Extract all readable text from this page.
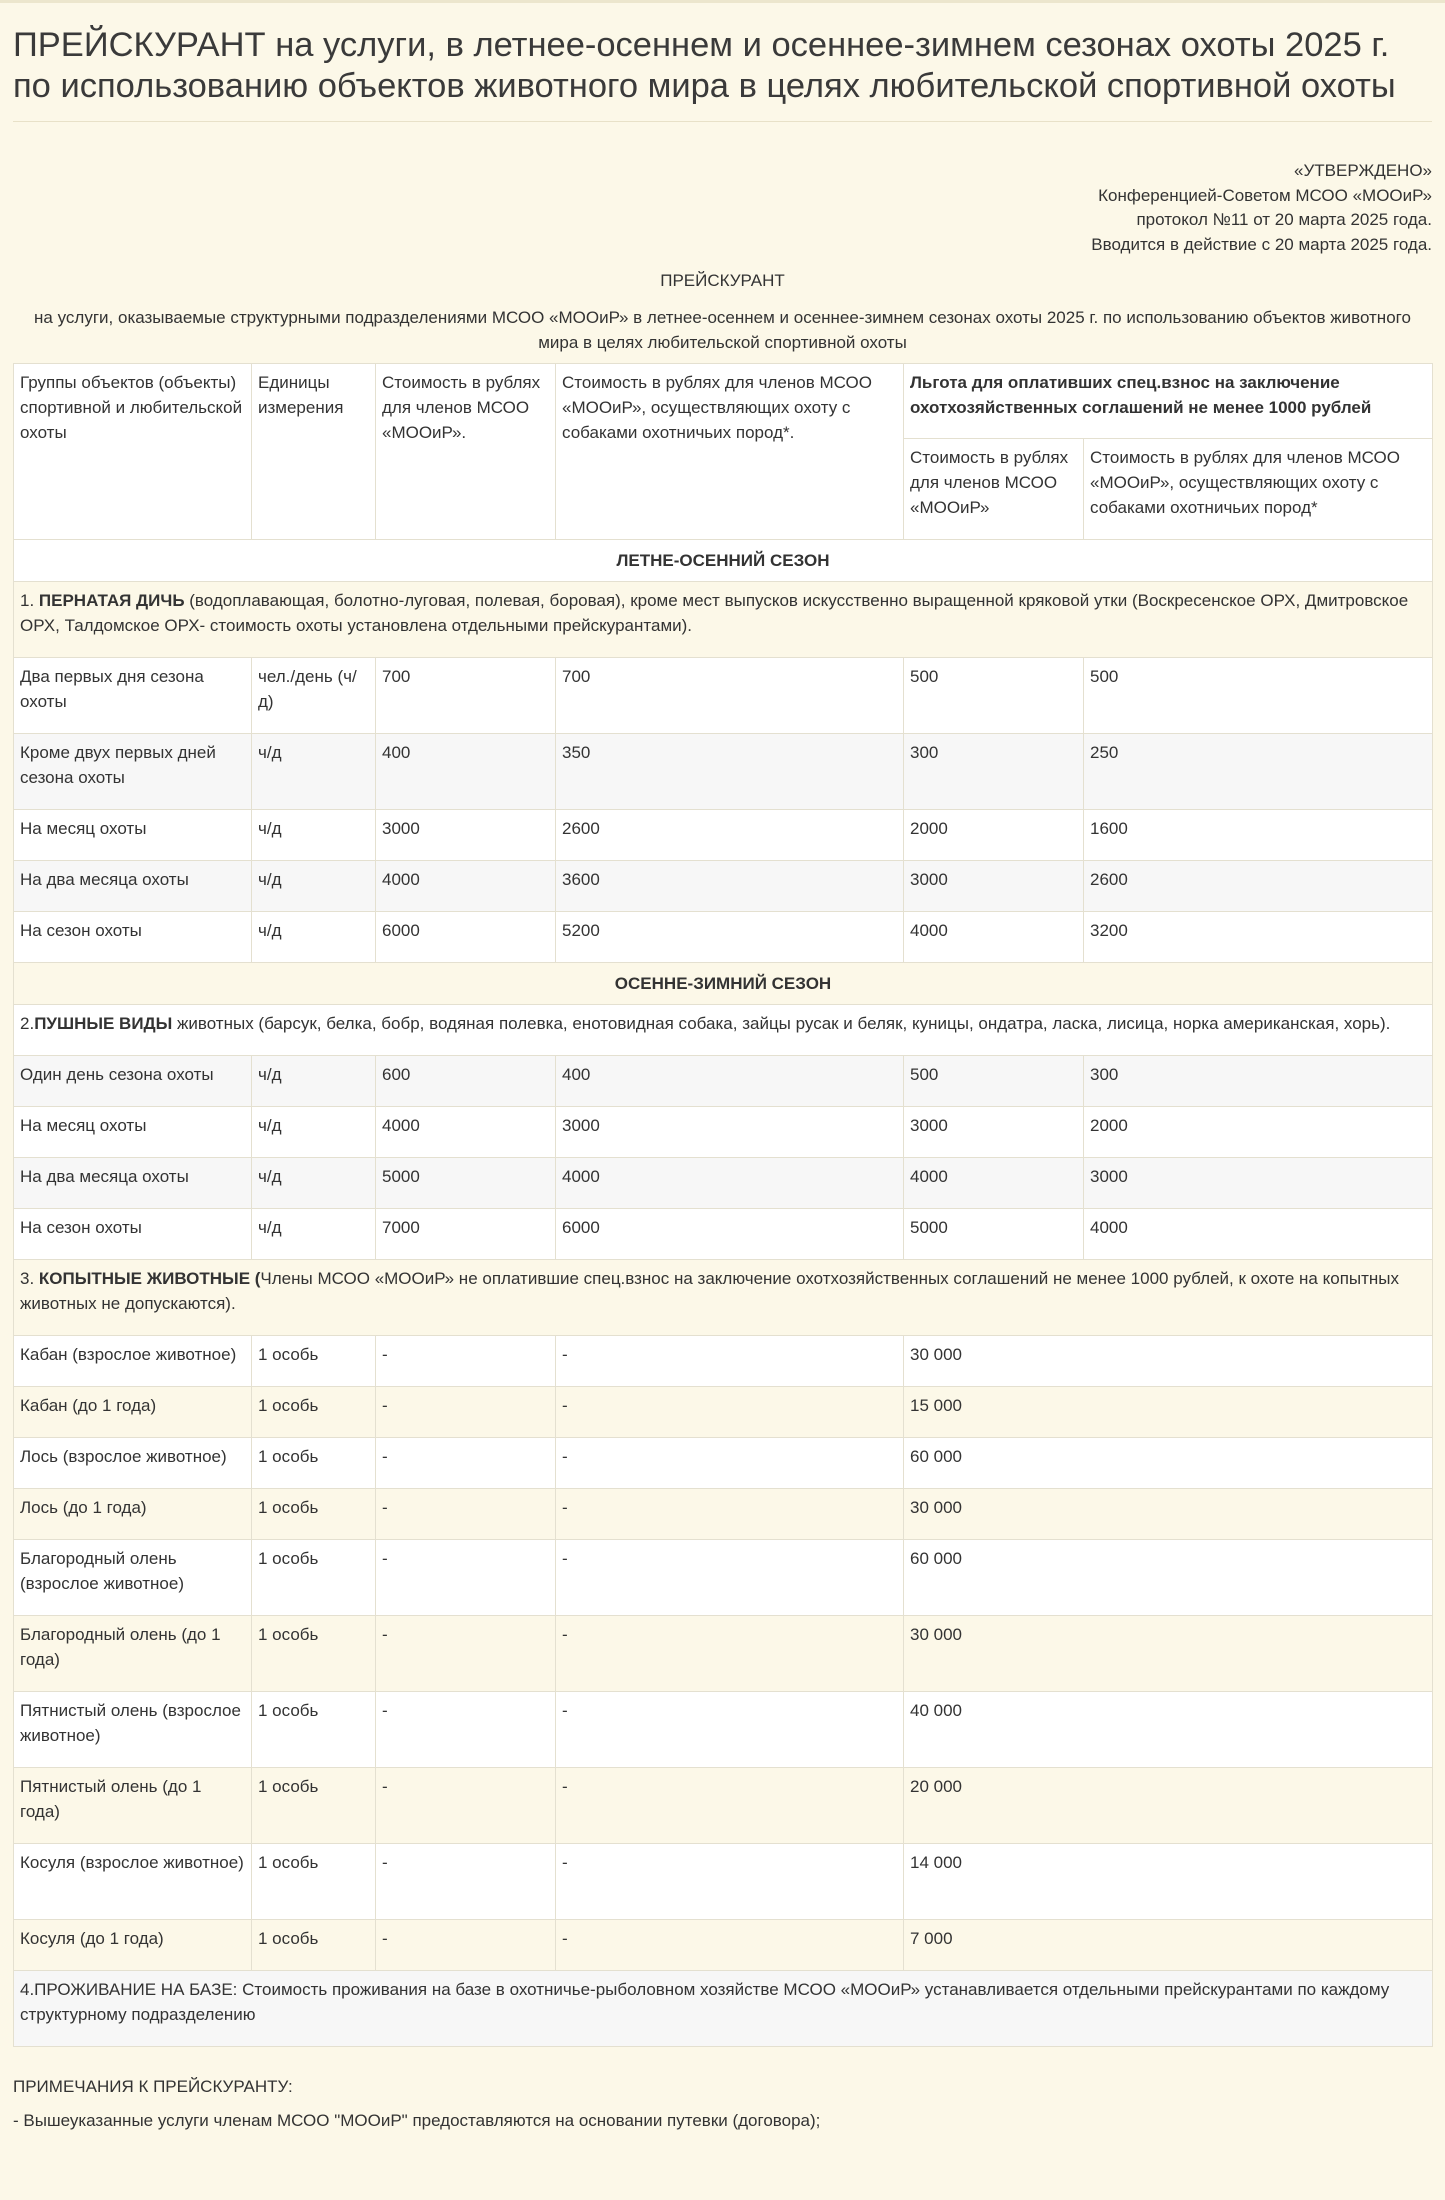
ПРЕЙСКУРАНТ на услуги, в летнее-осеннем и осеннее-зимнем сезонах охоты 2025 г. по использованию объектов животного мира в целях любительской спортивной охоты
«УТВЕРЖДЕНО»
Конференцией-Советом МСОО «МООиР»
протокол №11 от 20 марта 2025 года.
Вводится в действие с 20 марта 2025 года.
ПРЕЙСКУРАНТ
на услуги, оказываемые структурными подразделениями МСОО «МООиР» в летнее-осеннем и осеннее-зимнем сезонах охоты 2025 г. по использованию объектов животного мира в целях любительской спортивной охоты
Группы объектов (объекты) спортивной и любительской охоты	Единицы измерения	Стоимость в рублях для членов МСОО «МООиР».	Стоимость в рублях для членов МСОО «МООиР», осуществляющих охоту с собаками охотничьих пород*.	Льгота для оплативших спец.взнос на заключение охотхозяйственных соглашений не менее 1000 рублей	
				Стоимость в рублях для членов МСОО «МООиР»	Стоимость в рублях для членов МСОО «МООиР», осуществляющих охоту с собаками охотничьих пород*
ЛЕТНЕ-ОСЕННИЙ СЕЗОН					
1. ПЕРНАТАЯ ДИЧЬ (водоплавающая, болотно-луговая, полевая, боровая), кроме мест выпусков искусственно выращенной кряковой утки (Воскресенское ОРХ, Дмитровское ОРХ, Талдомское ОРХ- стоимость охоты установлена отдельными прейскурантами).					
Два первых дня сезона охоты	чел./день (ч/д)	700	700	500	500
Кроме двух первых дней сезона охоты	ч/д	400	350	300	250
На месяц охоты	ч/д	3000	2600	2000	1600
На два месяца охоты	ч/д	4000	3600	3000	2600
На сезон охоты	ч/д	6000	5200	4000	3200
ОСЕННЕ-ЗИМНИЙ СЕЗОН					
2.ПУШНЫЕ ВИДЫ животных (барсук, белка, бобр, водяная полевка, енотовидная собака, зайцы русак и беляк, куницы, ондатра, ласка, лисица, норка американская, хорь).					
Один день сезона охоты	ч/д	600	400	500	300
На месяц охоты	ч/д	4000	3000	3000	2000
На два месяца охоты	ч/д	5000	4000	4000	3000
На сезон охоты	ч/д	7000	6000	5000	4000
3. КОПЫТНЫЕ ЖИВОТНЫЕ (Члены МСОО «МООиР» не оплатившие спец.взнос на заключение охотхозяйственных соглашений не менее 1000 рублей, к охоте на копытных животных не допускаются).					
Кабан (взрослое животное)	1 особь	-	-	30 000	
Кабан (до 1 года)	1 особь	-	-	15 000	
Лось (взрослое животное)	1 особь	-	-	60 000	
Лось (до 1 года)	1 особь	-	-	30 000	
Благородный олень (взрослое животное)	1 особь	-	-	60 000	
Благородный олень (до 1 года)	1 особь	-	-	30 000	
Пятнистый олень (взрослое животное)	1 особь	-	-	40 000	
Пятнистый олень (до 1 года)	1 особь	-	-	20 000	
Косуля (взрослое животное)	1 особь	-	-	14 000	
Косуля (до 1 года)	1 особь	-	-	7 000	
4.ПРОЖИВАНИЕ НА БАЗЕ: Стоимость проживания на базе в охотничье-рыболовном хозяйстве МСОО «МООиР» устанавливается отдельными прейскурантами по каждому структурному подразделению					
ПРИМЕЧАНИЯ К ПРЕЙСКУРАНТУ:
- Вышеуказанные услуги членам МСОО "МООиР" предоставляются на основании путевки (договора);
